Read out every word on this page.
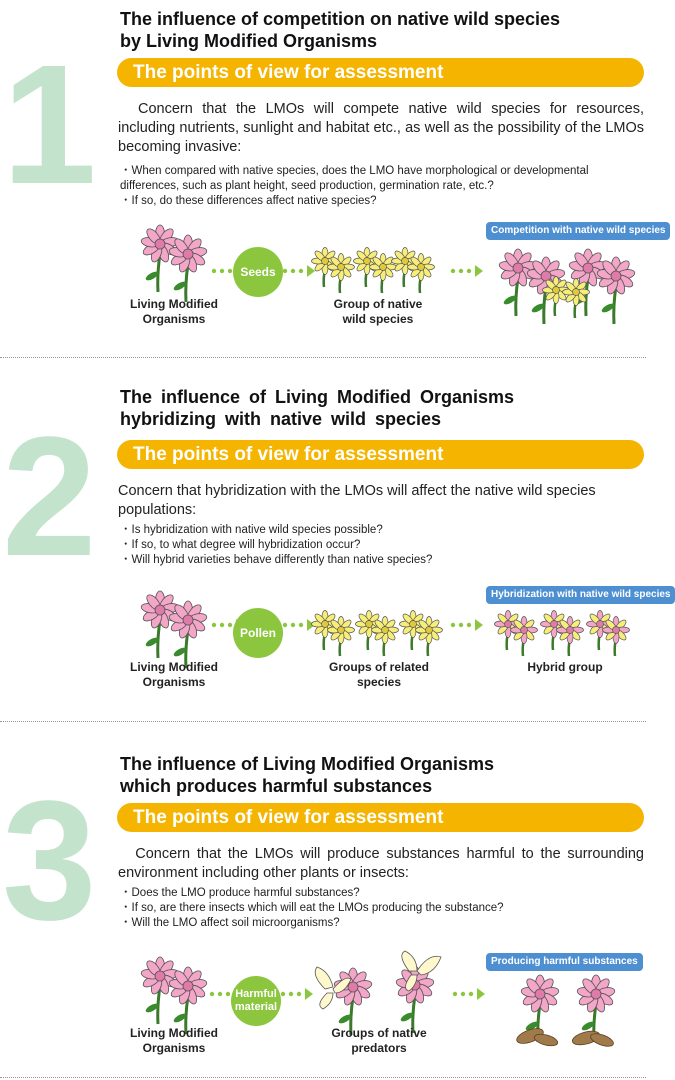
1
The influence of competition on native wild species
by Living Modified Organisms
The points of view for assessment
　Concern that the LMOs will compete native wild species for resources, including nutrients, sunlight and habitat etc., as well as the possibility of the LMOs becoming invasive:
・ When compared with native species, does the LMO have morphological or developmental differences, such as plant height, seed production, germination rate, etc.?
・ If so, do these differences affect native species?
Seeds
Competition with native wild species
Living Modified
Organisms
Group of native
wild species
2
The influence of Living Modified Organisms
hybridizing with native wild species
The points of view for assessment
Concern that hybridization with the LMOs will affect the native wild species populations:
・ Is hybridization with native wild species possible?
・ If so, to what degree will hybridization occur?
・ Will hybrid varieties behave differently than native species?
Pollen
Hybridization with native wild species
Living Modified
Organisms
Groups of related
species
Hybrid group
3
The influence of Living Modified Organisms
which produces harmful substances
The points of view for assessment
　Concern that the LMOs will produce substances harmful to the surrounding environment including other plants or insects:
・ Does the LMO produce harmful substances?
・ If so, are there insects which will eat the LMOs producing the substance?
・ Will the LMO affect soil microorganisms?
Harmful
material
Producing harmful substances
Living Modified
Organisms
Groups of native
predators
